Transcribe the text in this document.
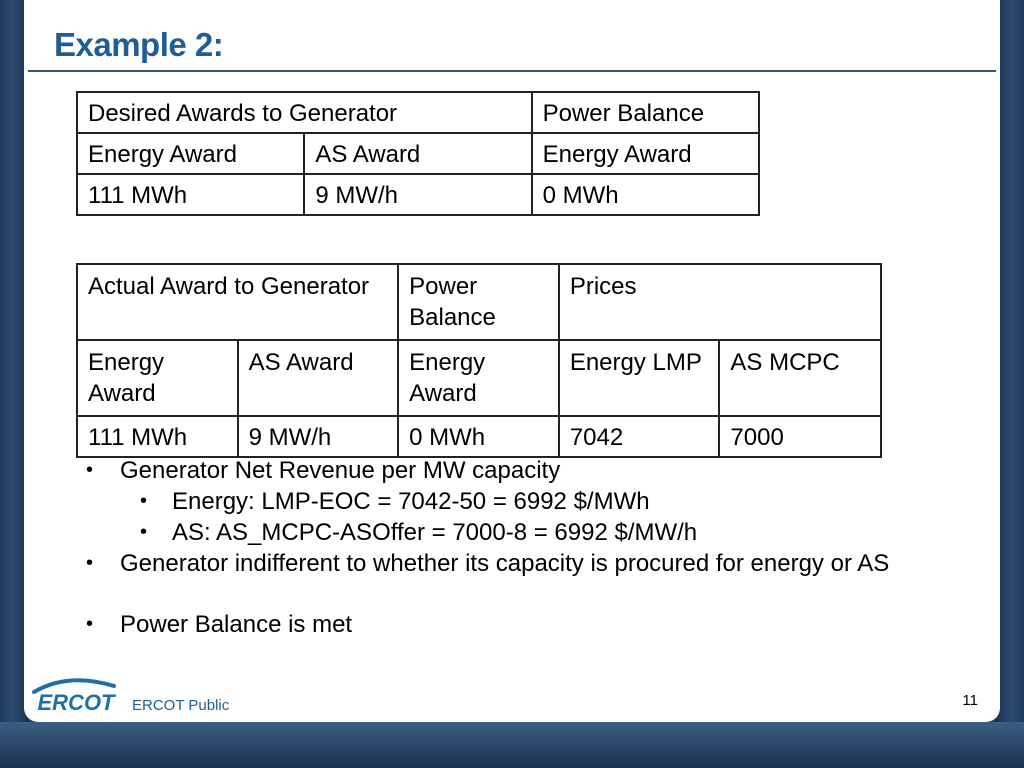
Example 2:
Desired Awards to Generator		Power Balance
Energy Award	AS Award	Energy Award
111 MWh	9 MW/h	0 MWh
Actual Award to Generator		Power Balance	Prices	
Energy Award	AS Award	Energy Award	Energy LMP	AS MCPC
111 MWh	9 MW/h	0 MWh	7042	7000
• Generator Net Revenue per MW capacity
• Energy: LMP-EOC = 7042-50 = 6992 $/MWh
• AS: AS_MCPC-ASOffer = 7000-8 = 6992 $/MW/h
• Generator indifferent to whether its capacity is procured for energy or AS
• Power Balance is met
ERCOT ERCOT Public	11
